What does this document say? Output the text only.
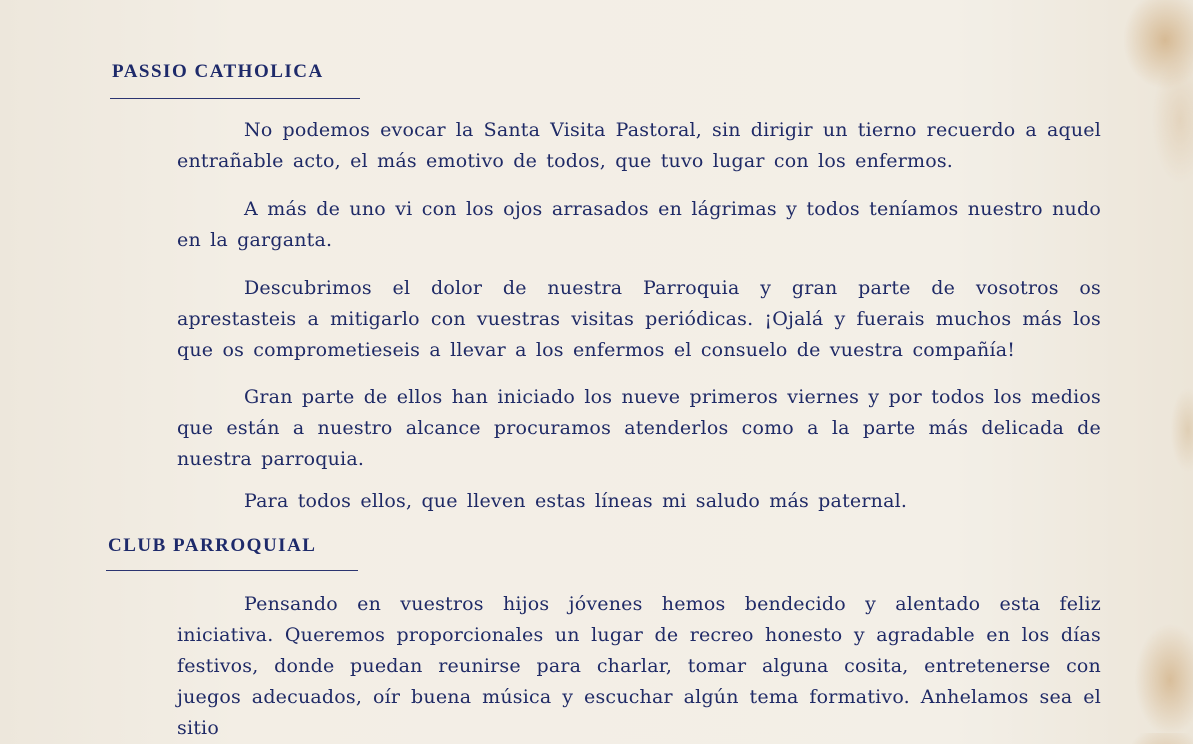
PASSIO CATHOLICA

No podemos evocar la Santa Visita Pastoral, sin dirigir un tierno recuerdo a aquel entrañable acto, el más emotivo de todos, que tuvo lugar con los enfermos.

A más de uno vi con los ojos arrasados en lágrimas y todos teníamos nuestro nudo en la garganta.

Descubrimos el dolor de nuestra Parroquia y gran parte de vosotros os aprestasteis a mitigarlo con vuestras visitas periódicas. ¡Ojalá y fuerais muchos más los que os comprometieseis a llevar a los enfermos el consuelo de vuestra compañía!

Gran parte de ellos han iniciado los nueve primeros viernes y por todos los medios que están a nuestro alcance procuramos atenderlos como a la parte más delicada de nuestra parroquia.

Para todos ellos, que lleven estas líneas mi saludo más paternal.

CLUB PARROQUIAL

Pensando en vuestros hijos jóvenes hemos bendecido y alentado esta feliz iniciativa. Queremos proporcionales un lugar de recreo honesto y agradable en los días festivos, donde puedan reunirse para charlar, tomar alguna cosita, entretenerse con juegos adecuados, oír buena música y escuchar algún tema formativo. Anhelamos sea el sitio
